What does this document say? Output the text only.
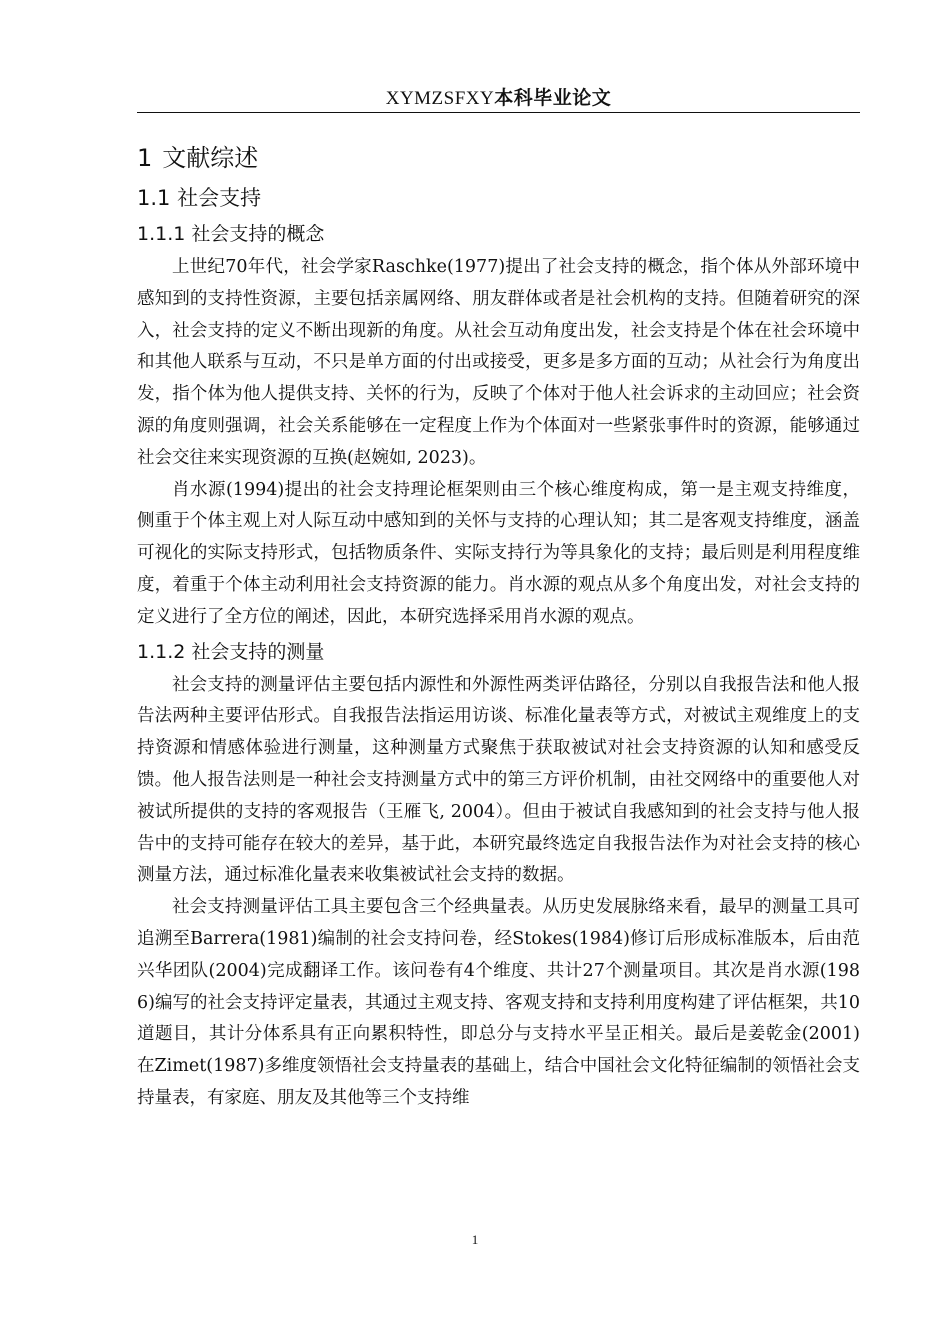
XYMZSFXY本科毕业论文
1 文献综述
1.1 社会支持
1.1.1 社会支持的概念

上世纪70年代，社会学家Raschke(1977)提出了社会支持的概念，指个体从外部环境中感知到的支持性资源，主要包括亲属网络、朋友群体或者是社会机构的支持。但随着研究的深入，社会支持的定义不断出现新的角度。从社会互动角度出发，社会支持是个体在社会环境中和其他人联系与互动，不只是单方面的付出或接受，更多是多方面的互动；从社会行为角度出发，指个体为他人提供支持、关怀的行为，反映了个体对于他人社会诉求的主动回应；社会资源的角度则强调，社会关系能够在一定程度上作为个体面对一些紧张事件时的资源，能够通过社会交往来实现资源的互换(赵婉如, 2023)。

肖水源(1994)提出的社会支持理论框架则由三个核心维度构成，第一是主观支持维度，侧重于个体主观上对人际互动中感知到的关怀与支持的心理认知；其二是客观支持维度，涵盖可视化的实际支持形式，包括物质条件、实际支持行为等具象化的支持；最后则是利用程度维度，着重于个体主动利用社会支持资源的能力。肖水源的观点从多个角度出发，对社会支持的定义进行了全方位的阐述，因此，本研究选择采用肖水源的观点。

1.1.2 社会支持的测量

社会支持的测量评估主要包括内源性和外源性两类评估路径，分别以自我报告法和他人报告法两种主要评估形式。自我报告法指运用访谈、标准化量表等方式，对被试主观维度上的支持资源和情感体验进行测量，这种测量方式聚焦于获取被试对社会支持资源的认知和感受反馈。他人报告法则是一种社会支持测量方式中的第三方评价机制，由社交网络中的重要他人对被试所提供的支持的客观报告（王雁飞, 2004）。但由于被试自我感知到的社会支持与他人报告中的支持可能存在较大的差异，基于此，本研究最终选定自我报告法作为对社会支持的核心测量方法，通过标准化量表来收集被试社会支持的数据。

社会支持测量评估工具主要包含三个经典量表。从历史发展脉络来看，最早的测量工具可追溯至Barrera(1981)编制的社会支持问卷，经Stokes(1984)修订后形成标准版本，后由范兴华团队(2004)完成翻译工作。该问卷有4个维度、共计27个测量项目。其次是肖水源(1986)编写的社会支持评定量表，其通过主观支持、客观支持和支持利用度构建了评估框架，共10道题目，其计分体系具有正向累积特性，即总分与支持水平呈正相关。最后是姜乾金(2001)在Zimet(1987)多维度领悟社会支持量表的基础上，结合中国社会文化特征编制的领悟社会支持量表，有家庭、朋友及其他等三个支持维

1
